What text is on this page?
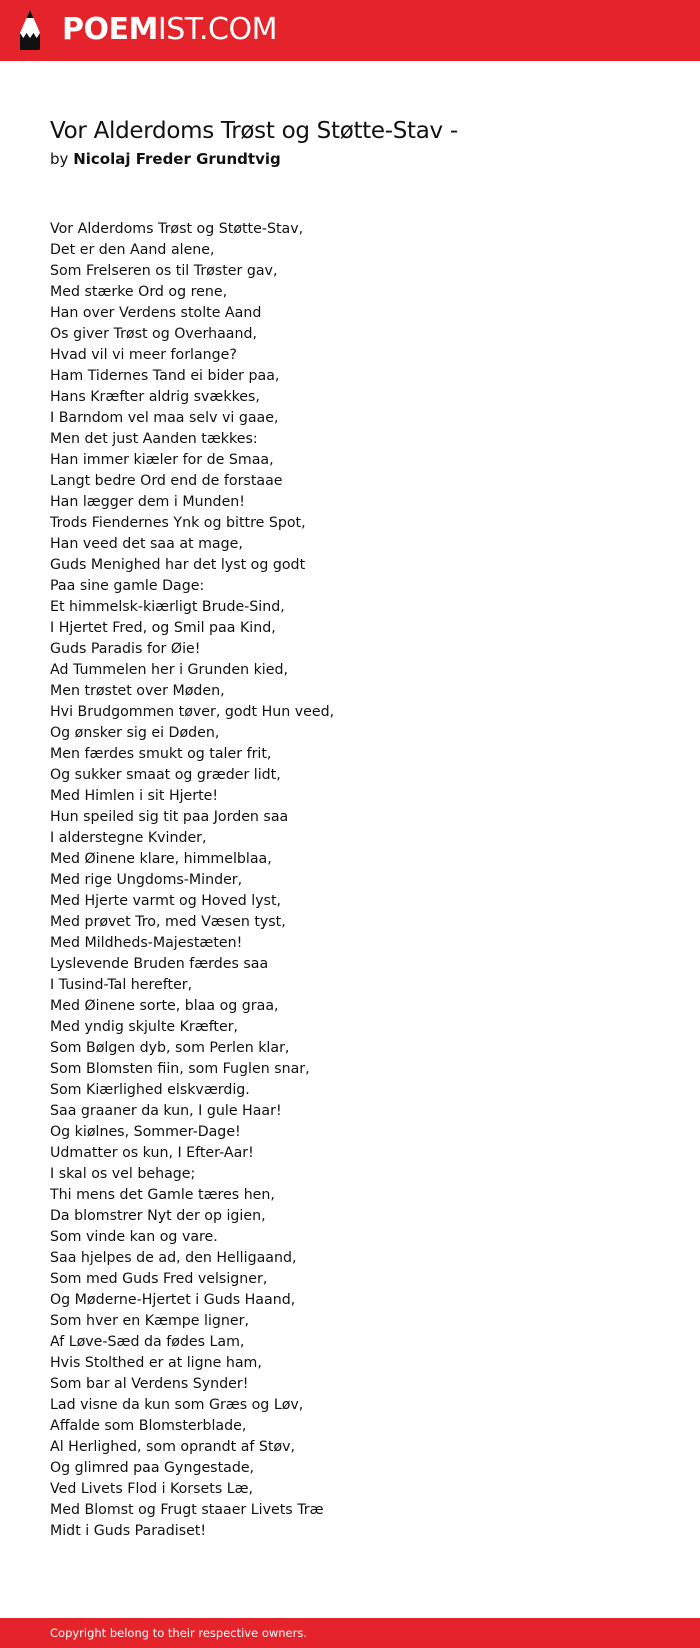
POEMIST.COM
Vor Alderdoms Trøst og Støtte-Stav -
by Nicolaj Freder Grundtvig
Vor Alderdoms Trøst og Støtte-Stav,
Det er den Aand alene,
Som Frelseren os til Trøster gav,
Med stærke Ord og rene,
Han over Verdens stolte Aand
Os giver Trøst og Overhaand,
Hvad vil vi meer forlange?
Ham Tidernes Tand ei bider paa,
Hans Kræfter aldrig svækkes,
I Barndom vel maa selv vi gaae,
Men det just Aanden tækkes:
Han immer kiæler for de Smaa,
Langt bedre Ord end de forstaae
Han lægger dem i Munden!
Trods Fiendernes Ynk og bittre Spot,
Han veed det saa at mage,
Guds Menighed har det lyst og godt
Paa sine gamle Dage:
Et himmelsk-kiærligt Brude-Sind,
I Hjertet Fred, og Smil paa Kind,
Guds Paradis for Øie!
Ad Tummelen her i Grunden kied,
Men trøstet over Møden,
Hvi Brudgommen tøver, godt Hun veed,
Og ønsker sig ei Døden,
Men færdes smukt og taler frit,
Og sukker smaat og græder lidt,
Med Himlen i sit Hjerte!
Hun speiled sig tit paa Jorden saa
I alderstegne Kvinder,
Med Øinene klare, himmelblaa,
Med rige Ungdoms-Minder,
Med Hjerte varmt og Hoved lyst,
Med prøvet Tro, med Væsen tyst,
Med Mildheds-Majestæten!
Lyslevende Bruden færdes saa
I Tusind-Tal herefter,
Med Øinene sorte, blaa og graa,
Med yndig skjulte Kræfter,
Som Bølgen dyb, som Perlen klar,
Som Blomsten fiin, som Fuglen snar,
Som Kiærlighed elskværdig.
Saa graaner da kun, I gule Haar!
Og kiølnes, Sommer-Dage!
Udmatter os kun, I Efter-Aar!
I skal os vel behage;
Thi mens det Gamle tæres hen,
Da blomstrer Nyt der op igien,
Som vinde kan og vare.
Saa hjelpes de ad, den Helligaand,
Som med Guds Fred velsigner,
Og Møderne-Hjertet i Guds Haand,
Som hver en Kæmpe ligner,
Af Løve-Sæd da fødes Lam,
Hvis Stolthed er at ligne ham,
Som bar al Verdens Synder!
Lad visne da kun som Græs og Løv,
Affalde som Blomsterblade,
Al Herlighed, som oprandt af Støv,
Og glimred paa Gyngestade,
Ved Livets Flod i Korsets Læ,
Med Blomst og Frugt staaer Livets Træ
Midt i Guds Paradiset!
Copyright belong to their respective owners.
